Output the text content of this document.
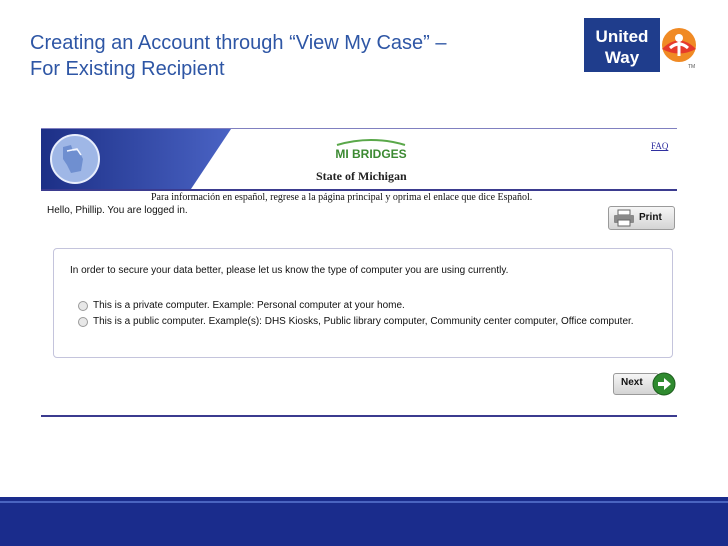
Creating an Account through “View My Case” – For Existing Recipient
United
Way	TM
MI BRIDGES
State of Michigan
FAQ
Para información en español, regrese a la página principal y oprima el enlace que dice Español.
Hello, Phillip. You are logged in.
Print
In order to secure your data better, please let us know the type of computer you are using currently.
This is a private computer. Example: Personal computer at your home.
This is a public computer. Example(s): DHS Kiosks, Public library computer, Community center computer, Office computer.
Next
